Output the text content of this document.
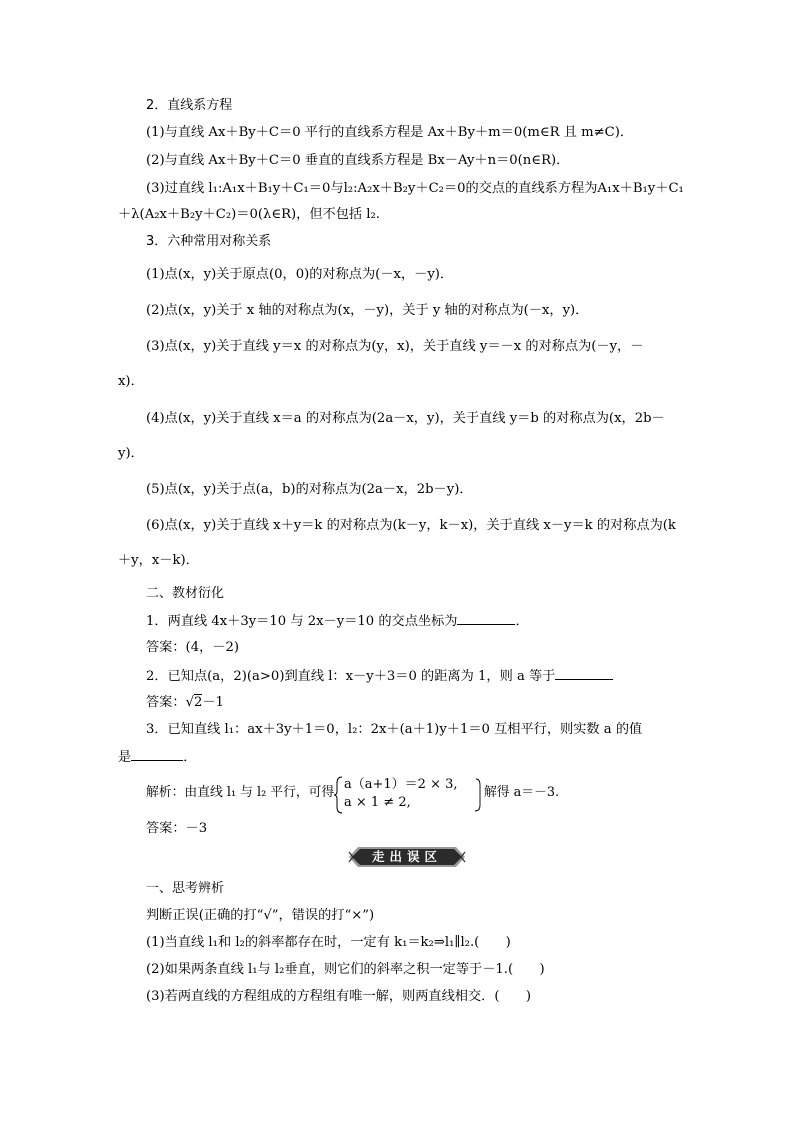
2．直线系方程
(1)与直线 Ax＋By＋C＝0 平行的直线系方程是 Ax＋By＋m＝0(m∈R 且 m≠C)．
(2)与直线 Ax＋By＋C＝0 垂直的直线系方程是 Bx－Ay＋n＝0(n∈R)．
(3)过直线 l₁:A₁x＋B₁y＋C₁＝0与l₂:A₂x＋B₂y＋C₂＝0的交点的直线系方程为A₁x＋B₁y＋C₁
＋λ(A₂x＋B₂y＋C₂)＝0(λ∈R)，但不包括 l₂.
3．六种常用对称关系
(1)点(x，y)关于原点(0，0)的对称点为(－x，－y)．
(2)点(x，y)关于 x 轴的对称点为(x，－y)，关于 y 轴的对称点为(－x，y)．
(3)点(x，y)关于直线 y＝x 的对称点为(y，x)，关于直线 y＝－x 的对称点为(－y，－
x)．
(4)点(x，y)关于直线 x＝a 的对称点为(2a－x，y)，关于直线 y＝b 的对称点为(x，2b－
y)．
(5)点(x，y)关于点(a，b)的对称点为(2a－x，2b－y)．
(6)点(x，y)关于直线 x＋y＝k 的对称点为(k－y，k－x)，关于直线 x－y＝k 的对称点为(k
＋y，x－k)．
二、教材衍化
1．两直线 4x＋3y＝10 与 2x－y＝10 的交点坐标为	．
答案：(4，－2)
2．已知点(a，2)(a>0)到直线 l：x－y＋3＝0 的距离为 1，则 a 等于
答案：√2－1
3．已知直线 l₁：ax＋3y＋1＝0，l₂：2x＋(a＋1)y＋1＝0 互相平行，则实数 a 的值
是	．
解析：由直线 l₁ 与 l₂ 平行，可得
a（a+1）＝2 × 3,
a × 1 ≠ 2,
解得 a＝－3.
答案：－3
走出误区
一、思考辨析
判断正误(正确的打“√”，错误的打“×”)
(1)当直线 l₁和 l₂的斜率都存在时，一定有 k₁＝k₂⇒l₁∥l₂.(　　)
(2)如果两条直线 l₁与 l₂垂直，则它们的斜率之积一定等于－1.(　　)
(3)若两直线的方程组成的方程组有唯一解，则两直线相交．(　　)
